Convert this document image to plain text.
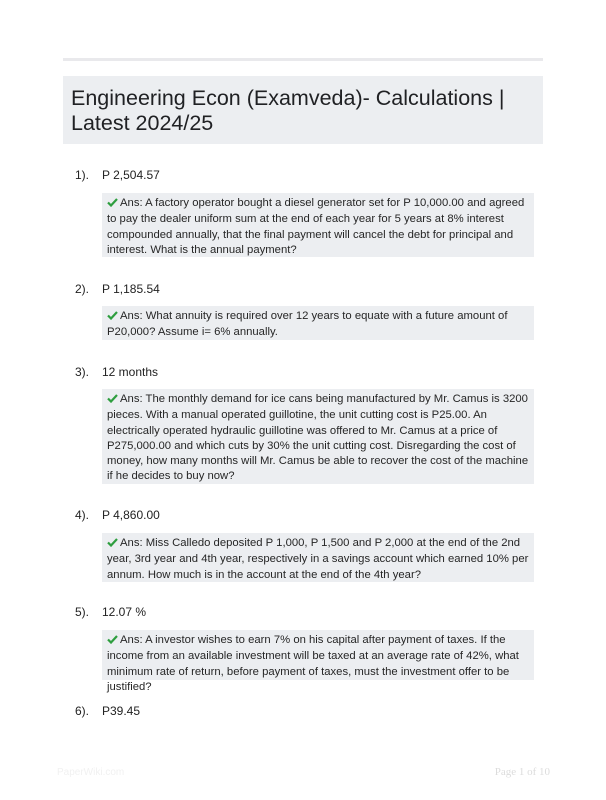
Engineering Econ (Examveda)- Calculations | Latest 2024/25
1). P 2,504.57
Ans: A factory operator bought a diesel generator set for P 10,000.00 and agreed to pay the dealer uniform sum at the end of each year for 5 years at 8% interest compounded annually, that the final payment will cancel the debt for principal and interest. What is the annual payment?
2). P 1,185.54
Ans: What annuity is required over 12 years to equate with a future amount of P20,000? Assume i= 6% annually.
3). 12 months
Ans: The monthly demand for ice cans being manufactured by Mr. Camus is 3200 pieces. With a manual operated guillotine, the unit cutting cost is P25.00. An electrically operated hydraulic guillotine was offered to Mr. Camus at a price of P275,000.00 and which cuts by 30% the unit cutting cost. Disregarding the cost of money, how many months will Mr. Camus be able to recover the cost of the machine if he decides to buy now?
4). P 4,860.00
Ans: Miss Calledo deposited P 1,000, P 1,500 and P 2,000 at the end of the 2nd year, 3rd year and 4th year, respectively in a savings account which earned 10% per annum. How much is in the account at the end of the 4th year?
5). 12.07 %
Ans: A investor wishes to earn 7% on his capital after payment of taxes. If the income from an available investment will be taxed at an average rate of 42%, what minimum rate of return, before payment of taxes, must the investment offer to be justified?
6). P39.45
PaperWiki.com	Page 1 of 10
